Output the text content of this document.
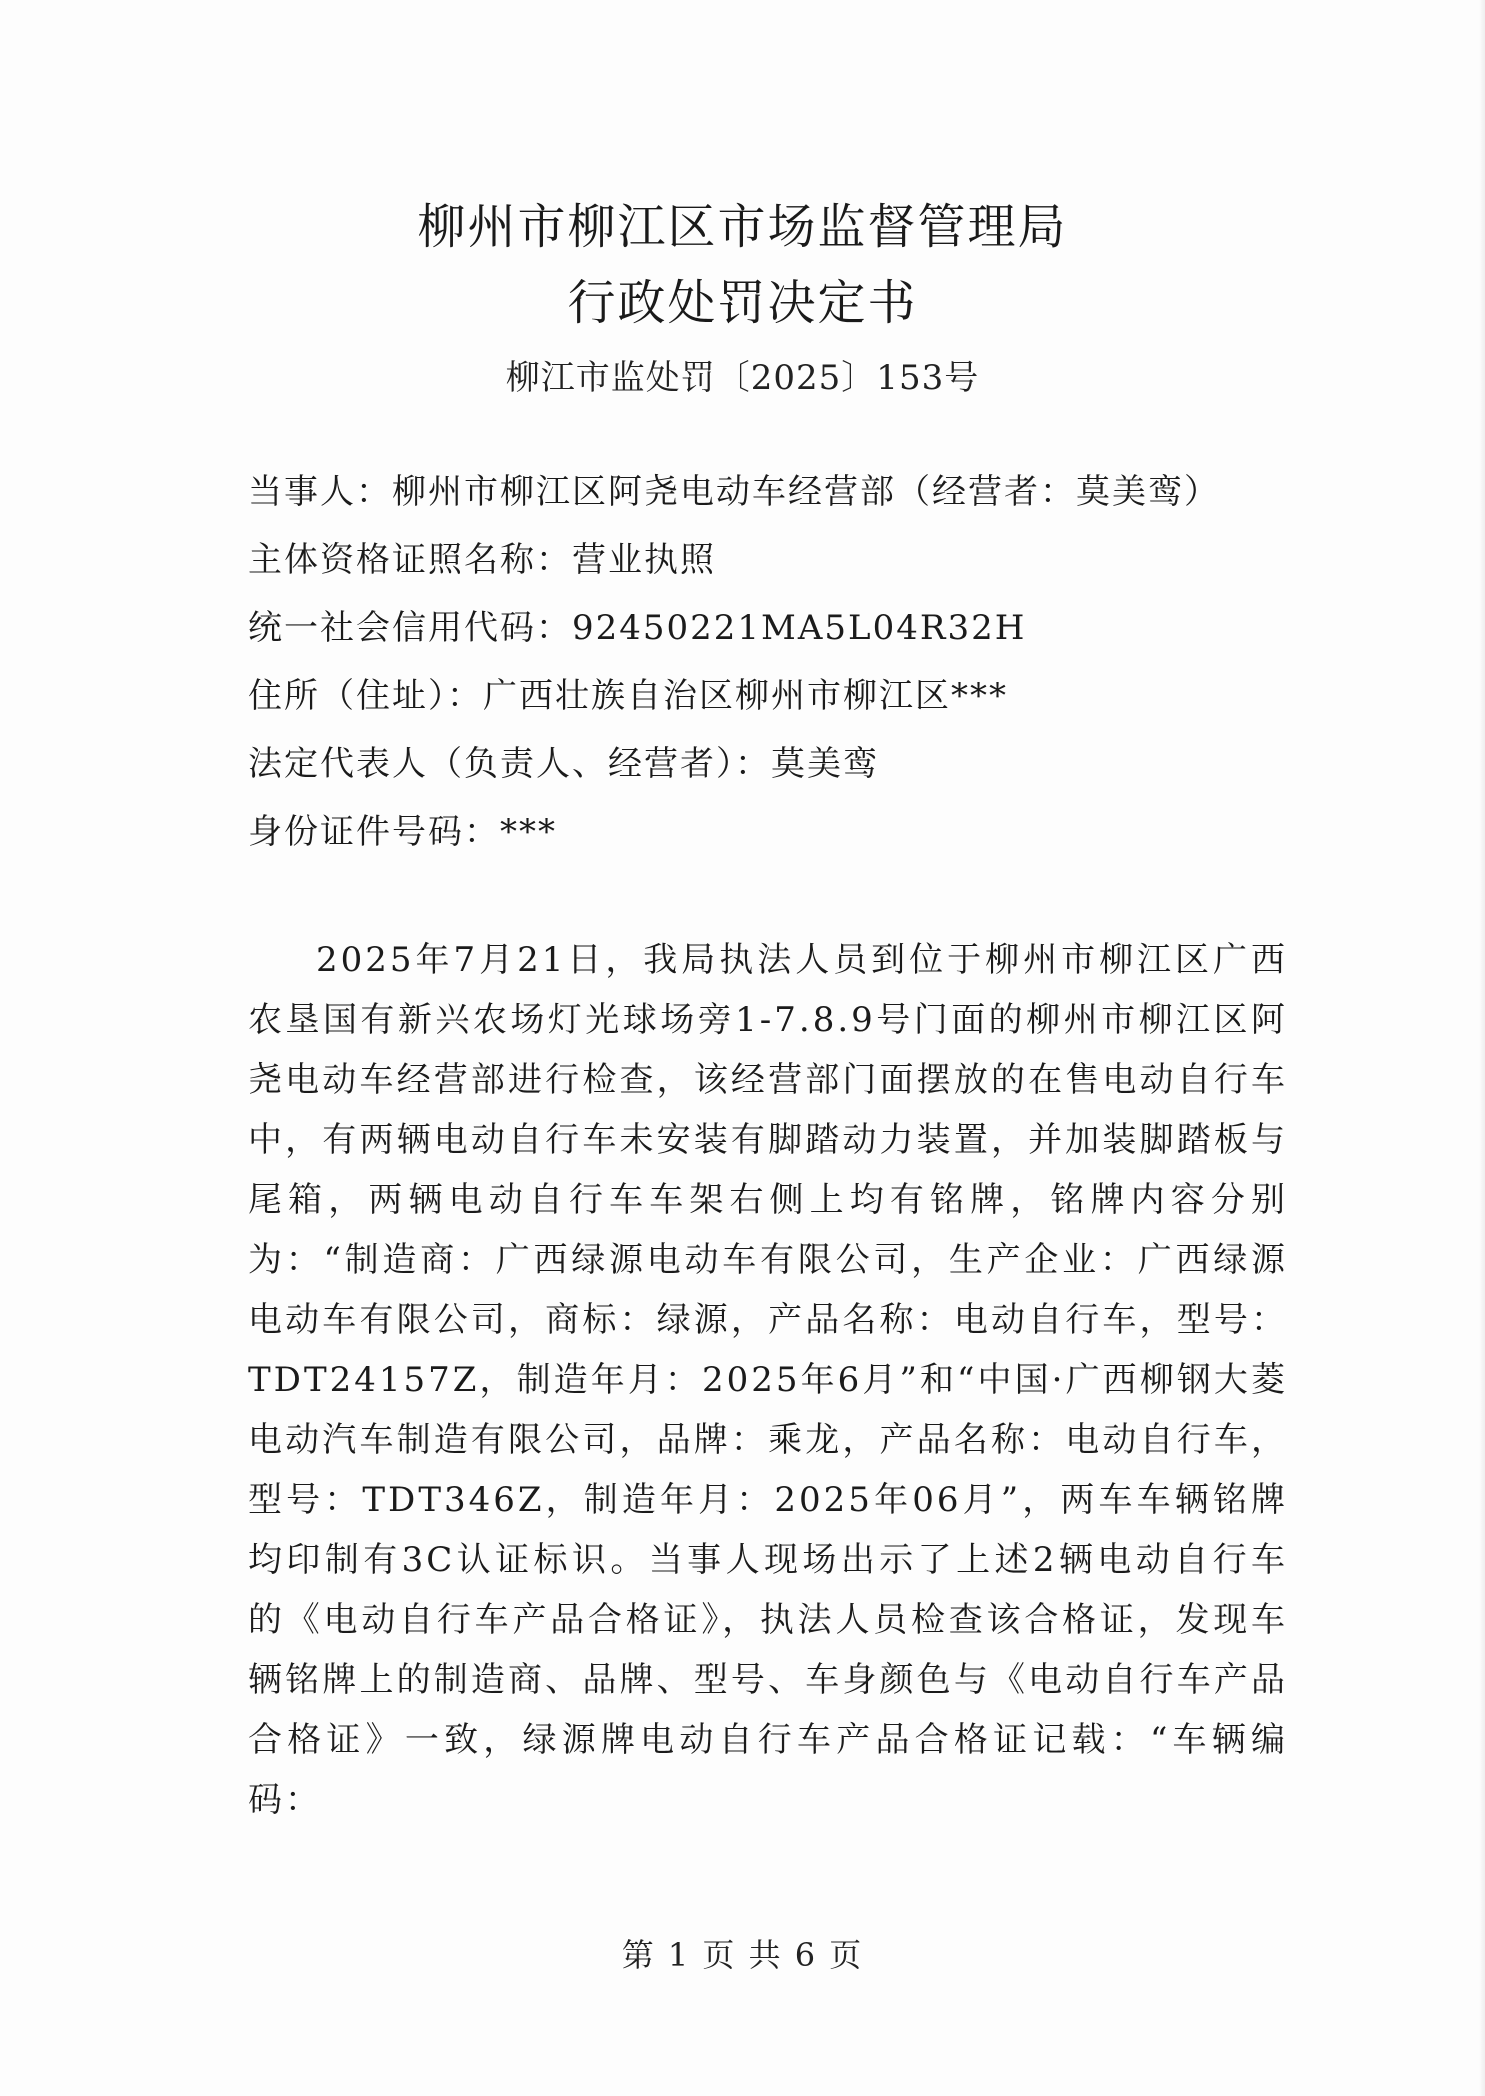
柳州市柳江区市场监督管理局
行政处罚决定书
柳江市监处罚〔2025〕153号
当事人：柳州市柳江区阿尧电动车经营部（经营者：莫美鸾）
主体资格证照名称：营业执照
统一社会信用代码：92450221MA5L04R32H
住所（住址）：广西壮族自治区柳州市柳江区***
法定代表人（负责人、经营者）：莫美鸾
身份证件号码：***
2025年7月21日，我局执法人员到位于柳州市柳江区广西农垦国有新兴农场灯光球场旁1-7.8.9号门面的柳州市柳江区阿尧电动车经营部进行检查，该经营部门面摆放的在售电动自行车中，有两辆电动自行车未安装有脚踏动力装置，并加装脚踏板与尾箱，两辆电动自行车车架右侧上均有铭牌，铭牌内容分别为：“制造商：广西绿源电动车有限公司，生产企业：广西绿源电动车有限公司，商标：绿源，产品名称：电动自行车，型号：TDT24157Z，制造年月：2025年6月”和“中国·广西柳钢大菱电动汽车制造有限公司，品牌：乘龙，产品名称：电动自行车，型号：TDT346Z，制造年月：2025年06月”，两车车辆铭牌均印制有3C认证标识。当事人现场出示了上述2辆电动自行车的《电动自行车产品合格证》，执法人员检查该合格证，发现车辆铭牌上的制造商、品牌、型号、车身颜色与《电动自行车产品合格证》一致，绿源牌电动自行车产品合格证记载：“车辆编码：
第 1 页 共 6 页
